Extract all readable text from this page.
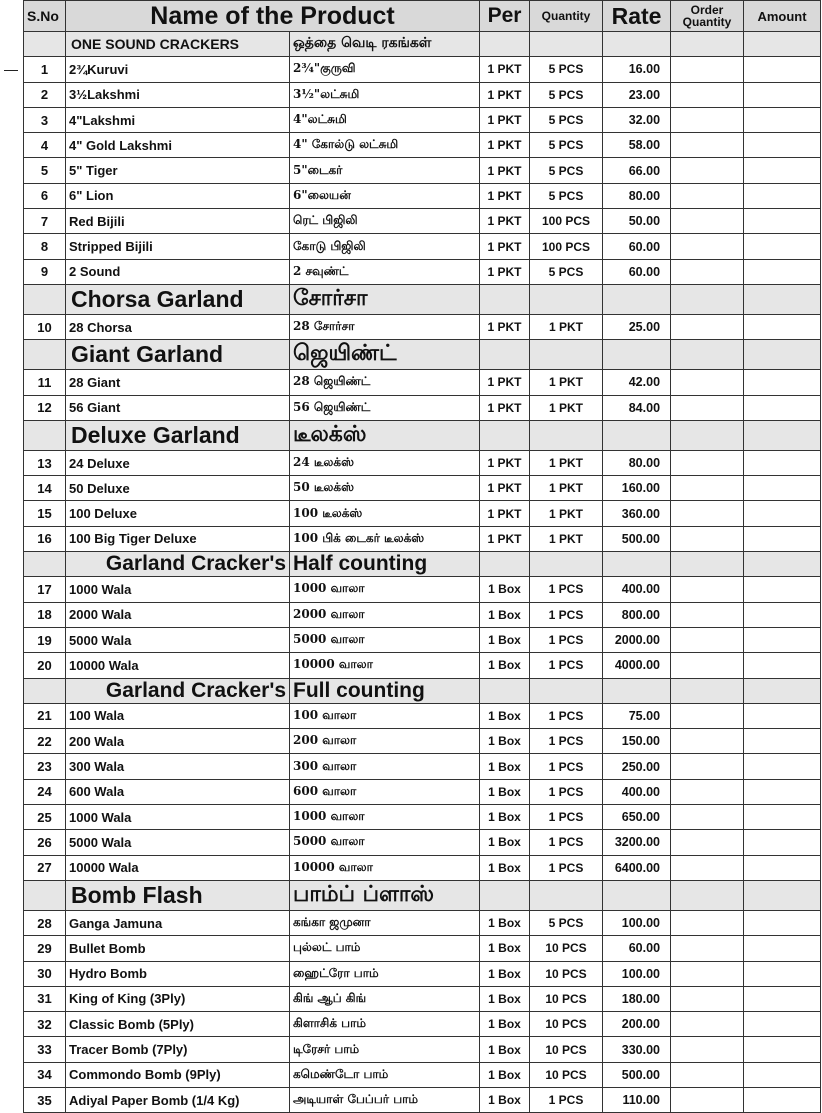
S.No	Name of the Product		Per	Quantity	Rate	Order Quantity	Amount
	ONE SOUND CRACKERS	ஒத்தை வெடி ரகங்கள்					
1	2¾Kuruvi	2¾"குருவி	1 PKT	5 PCS	16.00		
2	3½Lakshmi	3½"லட்சுமி	1 PKT	5 PCS	23.00		
3	4"Lakshmi	4"லட்சுமி	1 PKT	5 PCS	32.00		
4	4" Gold Lakshmi	4" கோல்டு லட்சுமி	1 PKT	5 PCS	58.00		
5	5" Tiger	5"டைகர்	1 PKT	5 PCS	66.00		
6	6" Lion	6"லையன்	1 PKT	5 PCS	80.00		
7	Red Bijili	ரெட் பிஜிலி	1 PKT	100 PCS	50.00		
8	Stripped Bijili	கோடு பிஜிலி	1 PKT	100 PCS	60.00		
9	2 Sound	2 சவுண்ட்	1 PKT	5 PCS	60.00		
	Chorsa Garland	சோர்சா					
10	28 Chorsa	28 சோர்சா	1 PKT	1 PKT	25.00		
	Giant Garland	ஜெயிண்ட்					
11	28 Giant	28 ஜெயிண்ட்	1 PKT	1 PKT	42.00		
12	56 Giant	56 ஜெயிண்ட்	1 PKT	1 PKT	84.00		
	Deluxe Garland	டீலக்ஸ்					
13	24 Deluxe	24 டீலக்ஸ்	1 PKT	1 PKT	80.00		
14	50 Deluxe	50 டீலக்ஸ்	1 PKT	1 PKT	160.00		
15	100 Deluxe	100 டீலக்ஸ்	1 PKT	1 PKT	360.00		
16	100 Big Tiger Deluxe	100 பிக் டைகர் டீலக்ஸ்	1 PKT	1 PKT	500.00		
	Garland Cracker's	Half counting					
17	1000 Wala	1000 வாலா	1 Box	1 PCS	400.00		
18	2000 Wala	2000 வாலா	1 Box	1 PCS	800.00		
19	5000 Wala	5000 வாலா	1 Box	1 PCS	2000.00		
20	10000 Wala	10000 வாலா	1 Box	1 PCS	4000.00		
	Garland Cracker's	Full counting					
21	100 Wala	100 வாலா	1 Box	1 PCS	75.00		
22	200 Wala	200 வாலா	1 Box	1 PCS	150.00		
23	300 Wala	300 வாலா	1 Box	1 PCS	250.00		
24	600 Wala	600 வாலா	1 Box	1 PCS	400.00		
25	1000 Wala	1000 வாலா	1 Box	1 PCS	650.00		
26	5000 Wala	5000 வாலா	1 Box	1 PCS	3200.00		
27	10000 Wala	10000 வாலா	1 Box	1 PCS	6400.00		
	Bomb Flash	பாம்ப் ப்ளாஸ்					
28	Ganga Jamuna	கங்கா ஜமுனா	1 Box	5 PCS	100.00		
29	Bullet Bomb	புல்லட் பாம்	1 Box	10 PCS	60.00		
30	Hydro Bomb	ஹைட்ரோ பாம்	1 Box	10 PCS	100.00		
31	King of King (3Ply)	கிங் ஆப் கிங்	1 Box	10 PCS	180.00		
32	Classic Bomb (5Ply)	கிளாசிக் பாம்	1 Box	10 PCS	200.00		
33	Tracer Bomb (7Ply)	டிரேசர் பாம்	1 Box	10 PCS	330.00		
34	Commondo Bomb (9Ply)	கமெண்டோ பாம்	1 Box	10 PCS	500.00		
35	Adiyal Paper Bomb (1/4 Kg)	அடியாள் பேப்பர் பாம்	1 Box	1 PCS	110.00		
